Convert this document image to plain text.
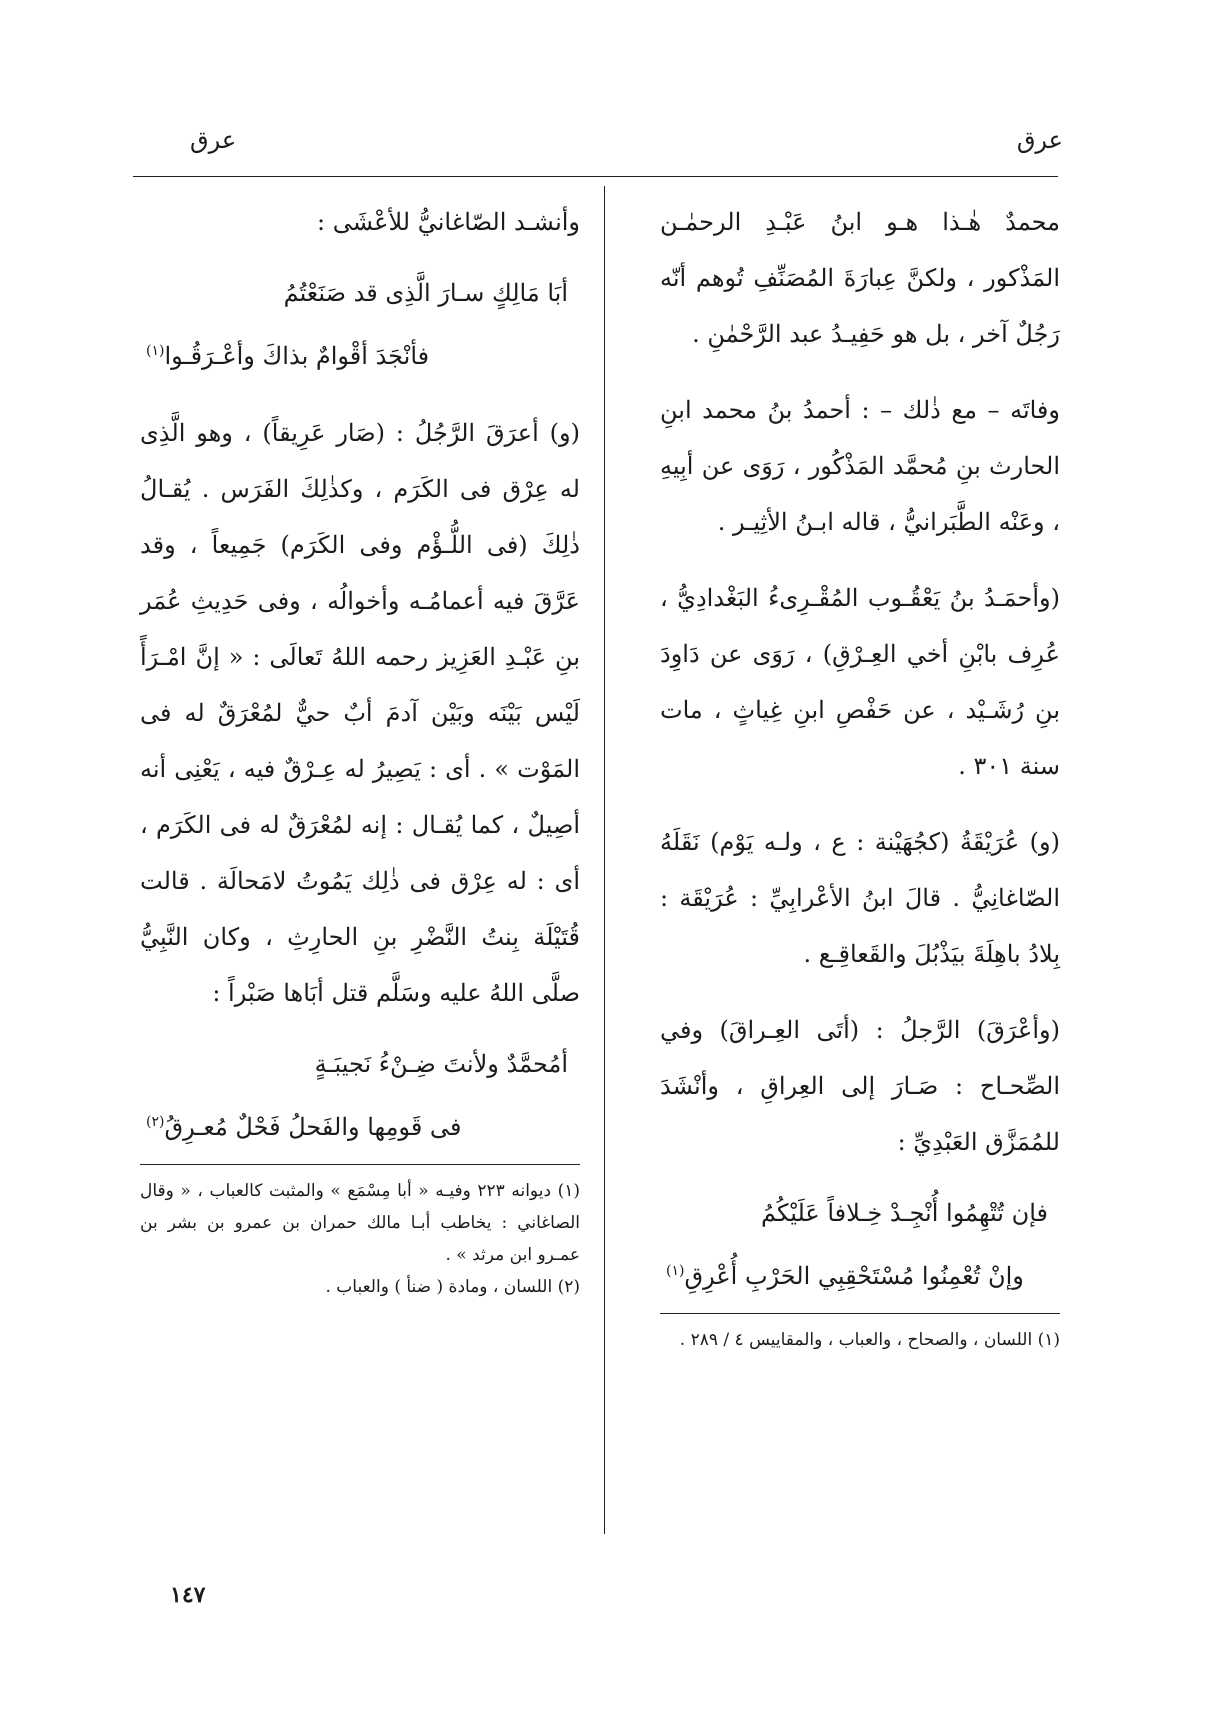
عرق
عرق

محمدٌ هٰـذا هـو ابنُ عَبْـدِ الرحمٰـن المَذْكور ، ولكنَّ عِبارَةَ المُصَنِّفِ تُوهم أنّه رَجُلٌ آخر ، بل هو حَفِيـدُ عبد الرَّحْمٰنِ .

وفاتَه – مع ذٰلك – : أحمدُ بنُ محمد ابنِ الحارث بنِ مُحمَّد المَذْكُور ، رَوَى عن أبِيهِ ، وعَنْه الطَّبَرانيُّ ، قاله ابـنُ الأثِيـر .

(وأحمَـدُ بنُ يَعْقُـوب المُقْـرِىءُ البَغْدادِيُّ ، عُرِف بابْنِ أخي العِـرْقِ) ، رَوَى عن دَاوِدَ بنِ رُشَـيْد ، عن حَفْصِ ابنِ غِياثٍ ، مات سنة ٣٠١ .

(و) عُرَيْقَةُ (كجُهَيْنة : ع ، ولـه يَوْم) نَقَلَهُ الصّاغانِيُّ . قالَ ابنُ الأعْرابِيِّ : عُرَيْقَة : بِلادُ باهِلَةَ بيَذْبُلَ والقَعاقِـع .

(وأعْرَقَ) الرَّجلُ : (أتَى العِـراقَ) وفي الصِّحـاح : صَـارَ إلى العِراقِ ، وأنْشَدَ للمُمَزَّق العَبْدِيِّ :

فإن تُتْهِمُوا أُنْجِـدْ خِـلافاً عَلَيْكُمُ
وإنْ تُعْمِنُوا مُسْتَحْقِبِي الحَرْبِ أُعْرِقِ$^{(١)}$

(١) اللسان ، والصحاح ، والعباب ، والمقاييس ٤ / ٢٨٩ .

وأنشـد الصّاغانيُّ للأعْشَى :

أبَا مَالِكٍ سـارَ الَّذِى قد صَنَعْتُمُ
فأنْجَدَ أقْوامٌ بذاكَ وأعْـرَقُـوا$^{(١)}$

(و) أعرَقَ الرَّجُلُ : (صَار عَرِيقاً) ، وهو الَّذِى له عِرْق فى الكَرَم ، وكذٰلِكَ الفَرَس . يُقـالُ ذٰلِكَ (فى اللُّـؤْم وفى الكَرَم) جَمِيعاً ، وقد عَرَّقَ فيه أعمامُـه وأخوالُه ، وفى حَدِيثِ عُمَر بنِ عَبْـدِ العَزِيز رحمه اللهُ تَعالَى : « إنَّ امْـرَأً لَيْس بَيْنَه وبَيْن آدمَ أبٌ حيٌّ لمُعْرَقٌ له فى المَوْت » . أى : يَصِيرُ له عِـرْقٌ فيه ، يَعْنِى أنه أصِيلٌ ، كما يُقـال : إنه لمُعْرَقٌ له فى الكَرَم ، أى : له عِرْق فى ذٰلِك يَمُوتُ لامَحالَة . قالت قُتَيْلَة بِنتُ النَّضْرِ بنِ الحارِثِ ، وكان النَّبِيُّ صلَّى اللهُ عليه وسَلَّم قتل أبَاها صَبْراً :

أمُحمَّدٌ ولأنتَ ضِـنْءُ نَجيبَـةٍ
فى قَومِها والفَحلُ فَحْلٌ مُعـرِقُ$^{(٢)}$

(١) ديوانه ٢٢٣ وفيـه « أبا مِسْمَع » والمثبت كالعباب ، « وقال الصاغاني : يخاطب أبـا مالك حمران بن عمرو بن بشر بن عمـرو ابن مرثد » .

(٢) اللسان ، ومادة ( ضنأ ) والعباب .

١٤٧
